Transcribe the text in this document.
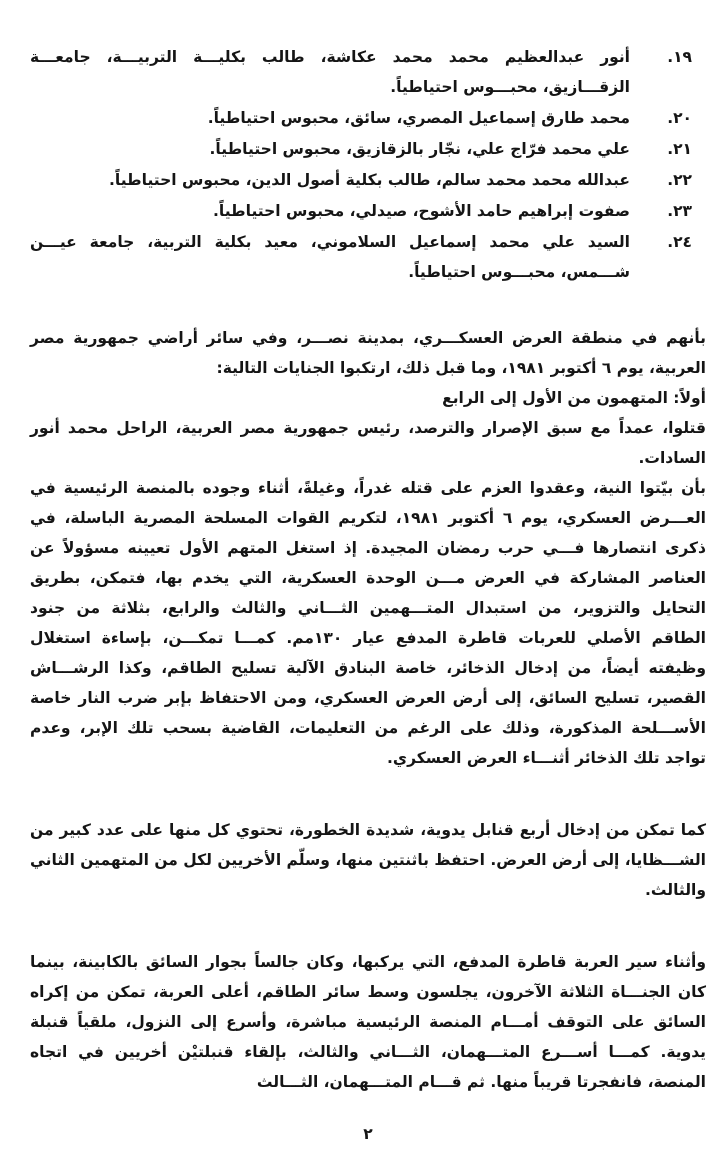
١٩.
أنور عبدالعظيم محمد محمد عكاشة، طالب بكليـــة التربيـــة، جامعـــة الزقـــازيق، محبـــوس احتياطياً.
٢٠.
محمد طارق إسماعيل المصري، سائق، محبوس احتياطياً.
٢١.
علي محمد فرّاج علي، نجّار بالزقازيق، محبوس احتياطياً.
٢٢.
عبدالله محمد محمد سالم، طالب بكلية أصول الدين، محبوس احتياطياً.
٢٣.
صفوت إبراهيم حامد الأشوح، صيدلي، محبوس احتياطياً.
٢٤.
السيد علي محمد إسماعيل السلاموني، معيد بكلية التربية، جامعة عيـــن شـــمس، محبـــوس احتياطياً.

بأنهم في منطقة العرض العسكـــري، بمدينة نصـــر، وفي سائر أراضي جمهورية مصر العربية، يوم ٦ أكتوبر ١٩٨١، وما قبل ذلك، ارتكبوا الجنايات التالية:

أولاً: المتهمون من الأول إلى الرابع

قتلوا، عمداً مع سبق الإصرار والترصد، رئيس جمهورية مصر العربية، الراحل محمد أنور السادات.

بأن بيّتوا النية، وعقدوا العزم على قتله غدراً، وغيلةً، أثناء وجوده بالمنصة الرئيسية في العـــرض العسكري، يوم ٦ أكتوبر ١٩٨١، لتكريم القوات المسلحة المصرية الباسلة، في ذكرى انتصارها فـــي حرب رمضان المجيدة. إذ استغل المتهم الأول تعيينه مسؤولاً عن العناصر المشاركة في العرض مـــن الوحدة العسكرية، التي يخدم بها، فتمكن، بطريق التحايل والتزوير، من استبدال المتـــهمين الثـــاني والثالث والرابع، بثلاثة من جنود الطاقم الأصلي للعربات قاطرة المدفع عيار ١٣٠مم. كمـــا تمكـــن، بإساءة استغلال وظيفته أيضاً، من إدخال الذخائر، خاصة البنادق الآلية تسليح الطاقم، وكذا الرشـــاش القصير، تسليح السائق، إلى أرض العرض العسكري، ومن الاحتفاظ بإبر ضرب النار خاصة الأســـلحة المذكورة، وذلك على الرغم من التعليمات، القاضية بسحب تلك الإبر، وعدم تواجد تلك الذخائر أثنـــاء العرض العسكري.

كما تمكن من إدخال أربع قنابل يدوية، شديدة الخطورة، تحتوي كل منها على عدد كبير من الشـــظايا، إلى أرض العرض. احتفظ باثنتين منها، وسلّم الأخريين لكل من المتهمين الثاني والثالث.

وأثناء سير العربة قاطرة المدفع، التي يركبها، وكان جالساً بجوار السائق بالكابينة، بينما كان الجنـــاة الثلاثة الآخرون، يجلسون وسط سائر الطاقم، أعلى العربة، تمكن من إكراه السائق على التوقف أمـــام المنصة الرئيسية مباشرة، وأسرع إلى النزول، ملقياً قنبلة يدوية. كمـــا أســـرع المتـــهمان، الثـــاني والثالث، بإلقاء قنبلتيْن أخريين في اتجاه المنصة، فانفجرتا قريباً منها. ثم قـــام المتـــهمان، الثـــالث

٢
